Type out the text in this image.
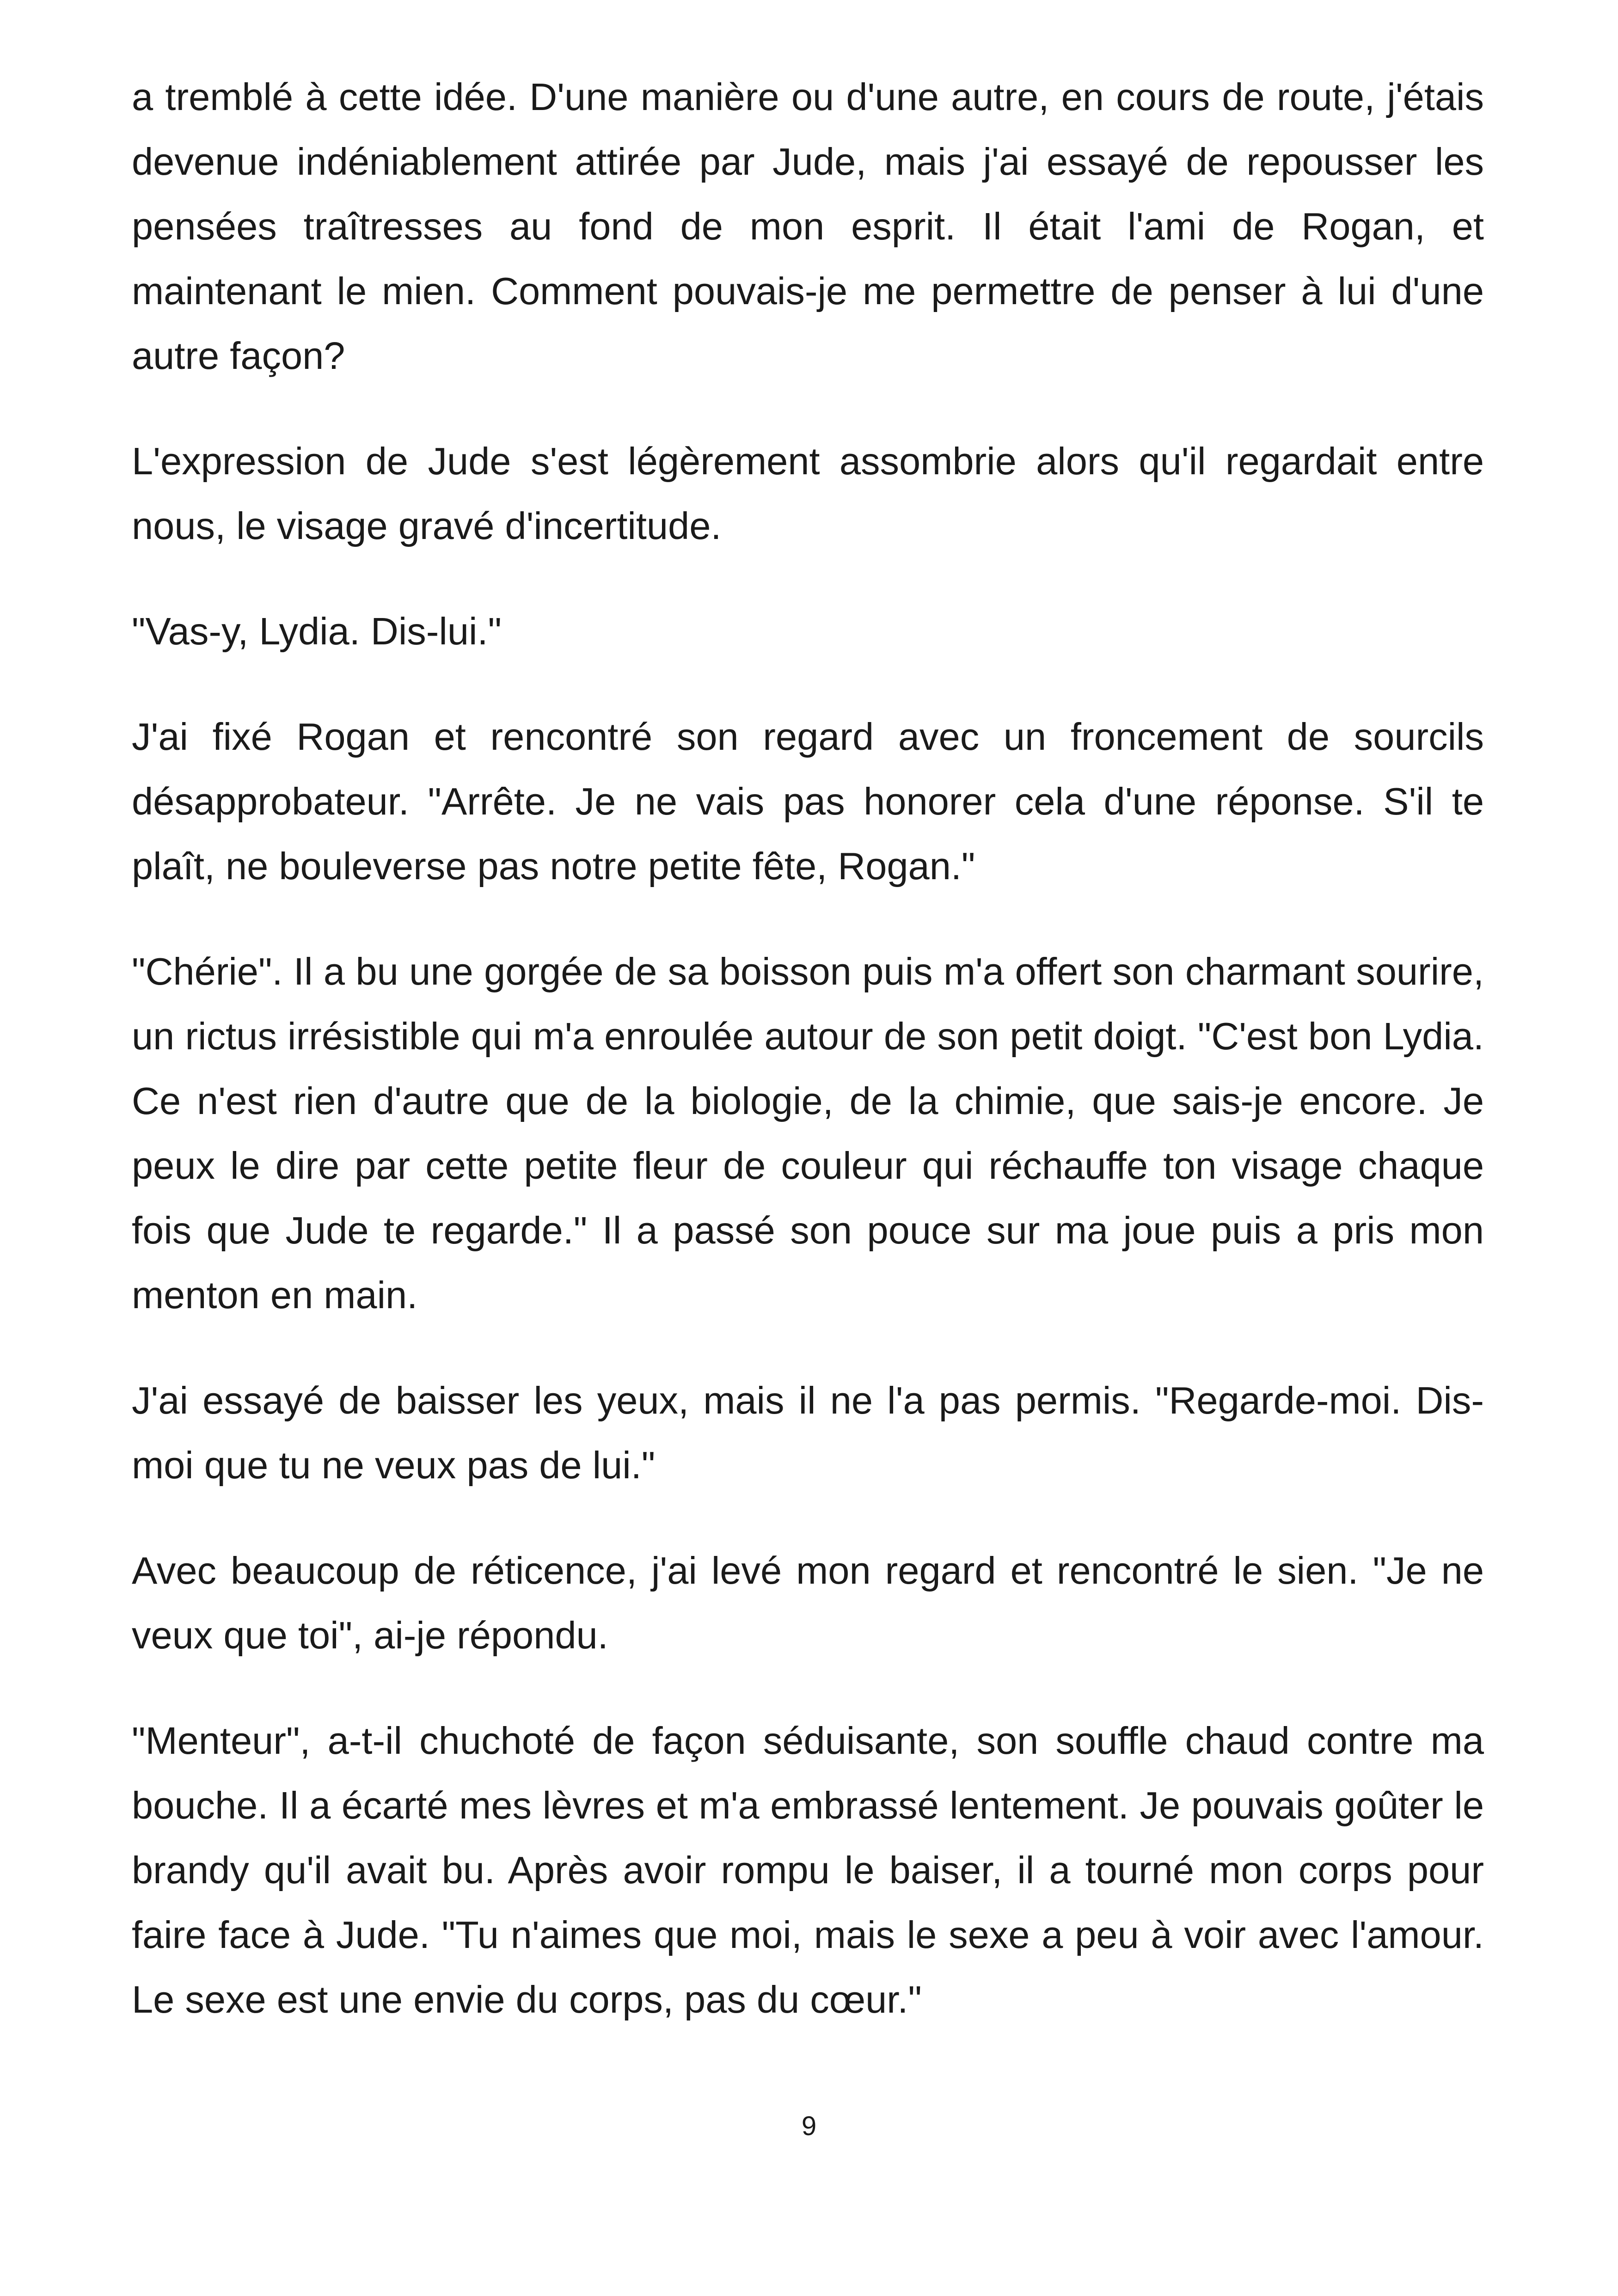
a tremblé à cette idée. D'une manière ou d'une autre, en cours de route, j'étais devenue indéniablement attirée par Jude, mais j'ai essayé de repousser les pensées traîtresses au fond de mon esprit. Il était l'ami de Rogan, et maintenant le mien. Comment pouvais-je me permettre de penser à lui d'une autre façon?

L'expression de Jude s'est légèrement assombrie alors qu'il regardait entre nous, le visage gravé d'incertitude.

"Vas-y, Lydia. Dis-lui."

J'ai fixé Rogan et rencontré son regard avec un froncement de sourcils désapprobateur. "Arrête. Je ne vais pas honorer cela d'une réponse. S'il te plaît, ne bouleverse pas notre petite fête, Rogan."

"Chérie". Il a bu une gorgée de sa boisson puis m'a offert son charmant sourire, un rictus irrésistible qui m'a enroulée autour de son petit doigt. "C'est bon Lydia. Ce n'est rien d'autre que de la biologie, de la chimie, que sais-je encore. Je peux le dire par cette petite fleur de couleur qui réchauffe ton visage chaque fois que Jude te regarde." Il a passé son pouce sur ma joue puis a pris mon menton en main.

J'ai essayé de baisser les yeux, mais il ne l'a pas permis. "Regarde-moi. Dis-moi que tu ne veux pas de lui."

Avec beaucoup de réticence, j'ai levé mon regard et rencontré le sien. "Je ne veux que toi", ai-je répondu.

"Menteur", a-t-il chuchoté de façon séduisante, son souffle chaud contre ma bouche. Il a écarté mes lèvres et m'a embrassé lentement. Je pouvais goûter le brandy qu'il avait bu. Après avoir rompu le baiser, il a tourné mon corps pour faire face à Jude. "Tu n'aimes que moi, mais le sexe a peu à voir avec l'amour. Le sexe est une envie du corps, pas du cœur."

9
